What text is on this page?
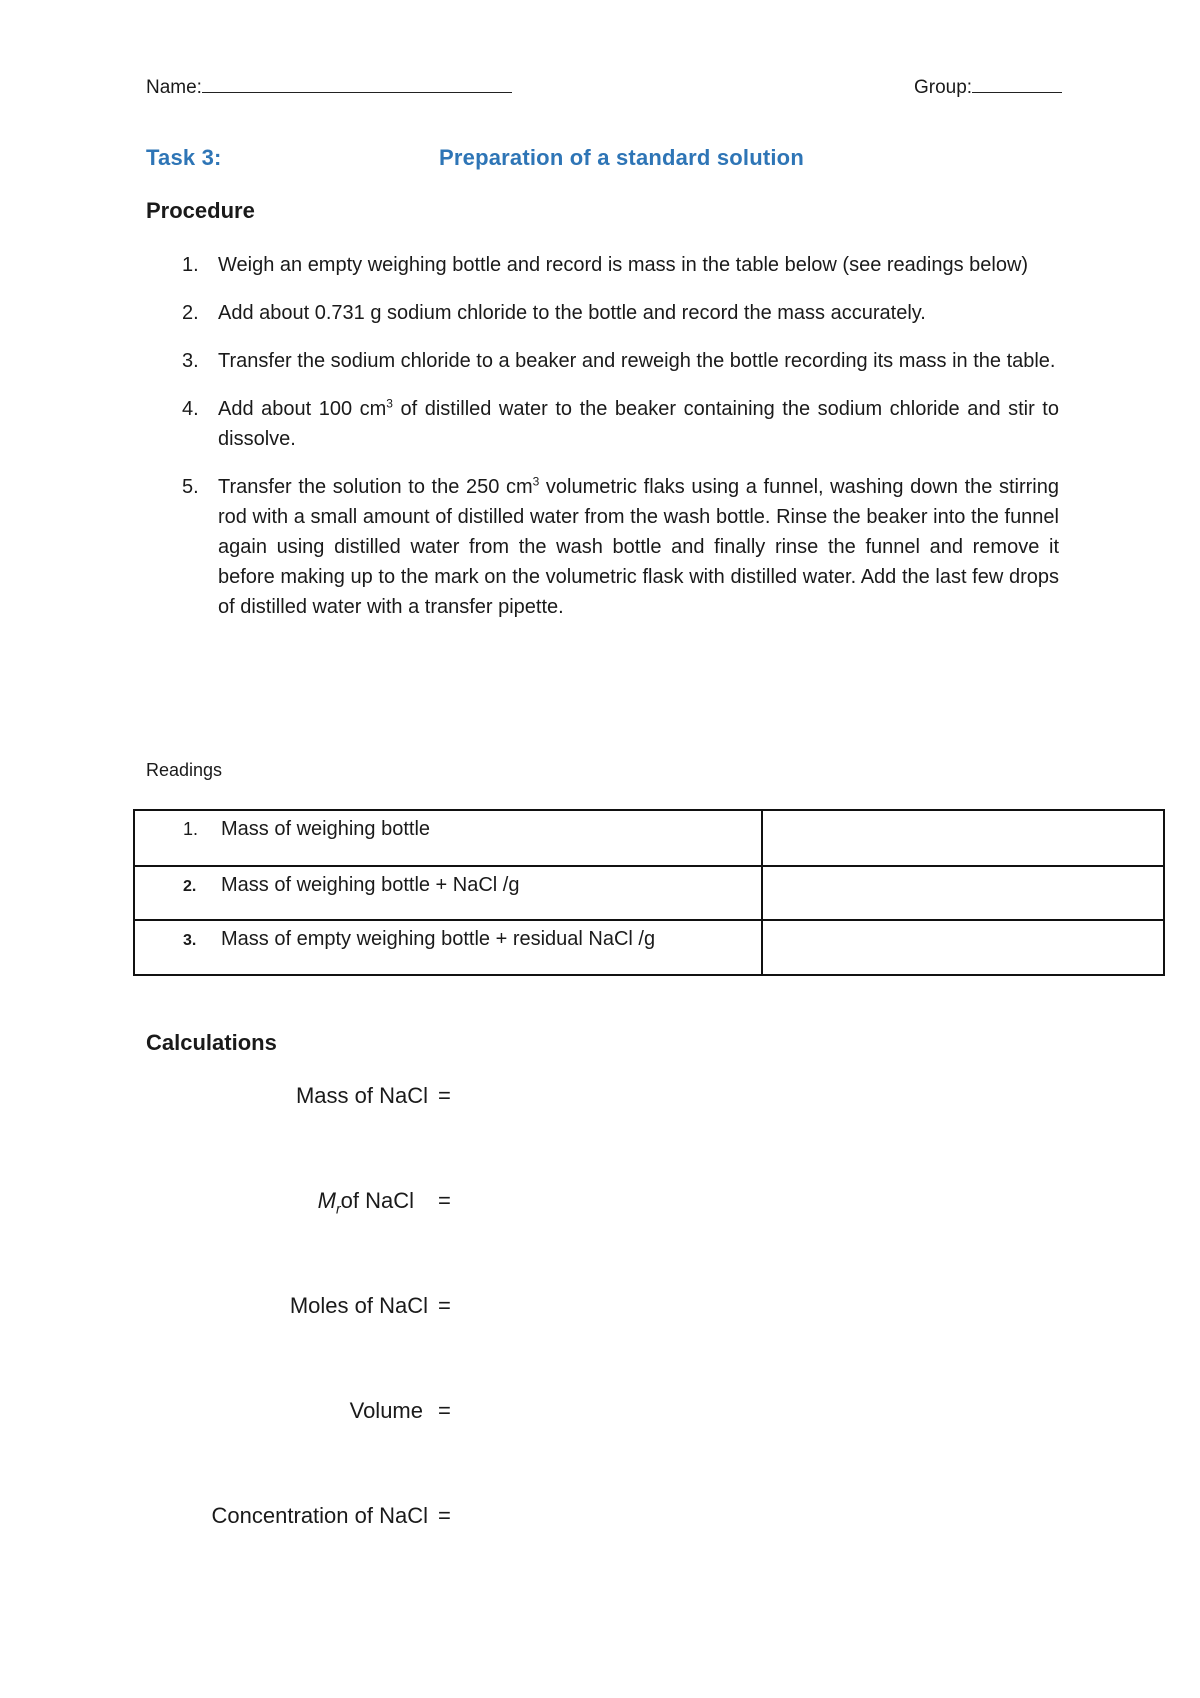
Name:	Group:
Task 3:	Preparation of a standard solution
Procedure
1. Weigh an empty weighing bottle and record is mass in the table below (see readings below)
2. Add about 0.731 g sodium chloride to the bottle and record the mass accurately.
3. Transfer the sodium chloride to a beaker and reweigh the bottle recording its mass in the table.
4. Add about 100 $cm^3$ of distilled water to the beaker containing the sodium chloride and stir to dissolve.
5. Transfer the solution to the 250 $cm^3$ volumetric flaks using a funnel, washing down the stirring rod with a small amount of distilled water from the wash bottle. Rinse the beaker into the funnel again using distilled water from the wash bottle and finally rinse the funnel and remove it before making up to the mark on the volumetric flask with distilled water. Add the last few drops of distilled water with a transfer pipette.
Readings
1. Mass of weighing bottle	

2. Mass of weighing bottle + NaCl /g	

3. Mass of empty weighing bottle + residual NaCl /g	

Calculations
Mass of NaCl =
$M_rof$ NaCl =
Moles of NaCl =
Volume =
Concentration of NaCl =
